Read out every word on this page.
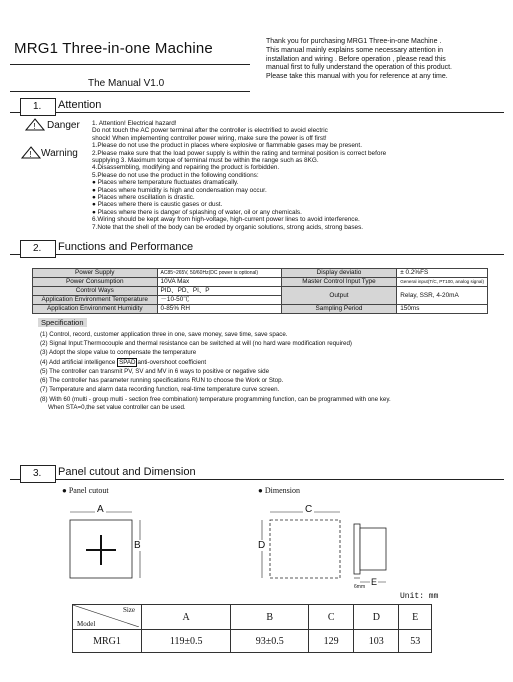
MRG1 Three-in-one Machine
The Manual V1.0
Thank you for purchasing MRG1 Three-in-one Machine .
This manual mainly explains some necessary attention in
installation and wiring . Before operation , please read this
manual first to fully understand the operation of this product.
Please take this manual with you for reference at any time.
1. Attention
! Danger
! Warning
1. Attention! Electrical hazard!
Do not touch the AC power terminal after the controller is electrified to avoid electric
shock! When implementing controller power wiring, make sure the power is off first!
1.Please do not use the product in places where explosive or flammable gases may be present.
2.Please make sure that the load power supply is within the rating and terminal position is correct before
supplying 3. Maximum torque of terminal must be within the range such as 8KG.
4.Disassembling, modifying and repairing the product is forbidden.
5.Please do not use the product in the following conditions:
● Places where temperature fluctuates dramatically.
● Places where humidity is high and condensation may occur.
● Places where oscillation is drastic.
● Places where there is caustic gases or dust.
● Places where there is danger of splashing of water, oil or any chemicals.
6.Wiring should be kept away from high-voltage, high-current power lines to avoid interference.
7.Note that the shell of the body can be eroded by organic solutions, strong acids, strong bases.
2. Functions and Performance
Power Supply	AC85~265V, 50/60Hz(DC power is optional)	Display deviatio	± 0.2%FS
Power Consumption	10VA Max	Master Control Input Type	General input(T/C, PT100, analog signal)
Control Ways	PID、PD、PI、P	Output	Relay, SSR, 4-20mA
Application Environment Temperature	－10-50℃		
Application Environment Humidity	0-85% RH	Sampling Period	150ms
Specification
(1) Control, record, customer application three in one, save money, save time, save space.
(2) Signal Input:Thermocouple and thermal resistance can be switched at will (no hard ware modification required)
(3) Adopt the slope value to compensate the temperature
(4) Add artificial intelligence SPAD anti-overshoot coefficient
(5) The controller can transmit PV, SV and MV in 6 ways to positive or negative side
(6) The controller has parameter running specifications RUN to choose the Work or Stop.
(7) Temperature and alarm data recording function, real-time temperature curve screen.
(8) With 60 (multi - group multi - section free combination) temperature programming function, can be programmed with one key.
When STA=0,the set value controller can be used.
3. Panel cutout and Dimension
● Panel cutout	● Dimension
A
B
C
D
E
6mm
Unit: mm
Size
Model	A	B	C	D	E
MRG1	119±0.5	93±0.5	129	103	53
